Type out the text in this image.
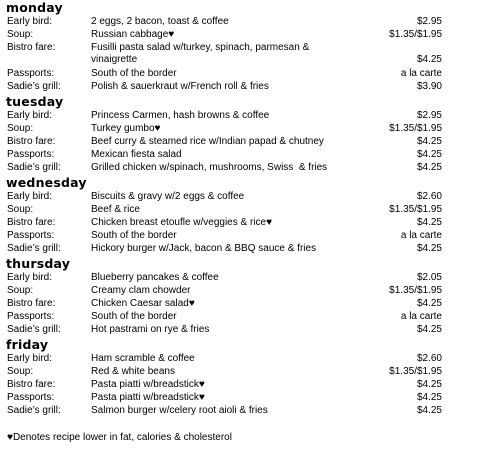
monday
Early bird:	2 eggs, 2 bacon, toast & coffee	$2.95
Soup:	Russian cabbage♥	$1.35/$1.95
Bistro fare:	Fusilli pasta salad w/turkey, spinach, parmesan & vinaigrette	$4.25
Passports:	South of the border	a la carte
Sadie’s grill:	Polish & sauerkraut w/French roll & fries	$3.90
tuesday
Early bird:	Princess Carmen, hash browns & coffee	$2.95
Soup:	Turkey gumbo♥	$1.35/$1.95
Bistro fare:	Beef curry & steamed rice w/Indian papad & chutney	$4.25
Passports:	Mexican fiesta salad	$4.25
Sadie’s grill:	Grilled chicken w/spinach, mushrooms, Swiss  & fries	$4.25
wednesday
Early bird:	Biscuits & gravy w/2 eggs & coffee	$2.60
Soup:	Beef & rice	$1.35/$1.95
Bistro fare:	Chicken breast etoufle w/veggies & rice♥	$4.25
Passports:	South of the border	a la carte
Sadie’s grill:	Hickory burger w/Jack, bacon & BBQ sauce & fries	$4.25
thursday
Early bird:	Blueberry pancakes & coffee	$2.05
Soup:	Creamy clam chowder	$1.35/$1.95
Bistro fare:	Chicken Caesar salad♥	$4.25
Passports:	South of the border	a la carte
Sadie’s grill:	Hot pastrami on rye & fries	$4.25
friday
Early bird:	Ham scramble & coffee	$2.60
Soup:	Red & white beans	$1.35/$1.95
Bistro fare:	Pasta piatti w/breadstick♥	$4.25
Passports:	Pasta piatti w/breadstick♥	$4.25
Sadie’s grill:	Salmon burger w/celery root aioli & fries	$4.25
♥Denotes recipe lower in fat, calories & cholesterol
